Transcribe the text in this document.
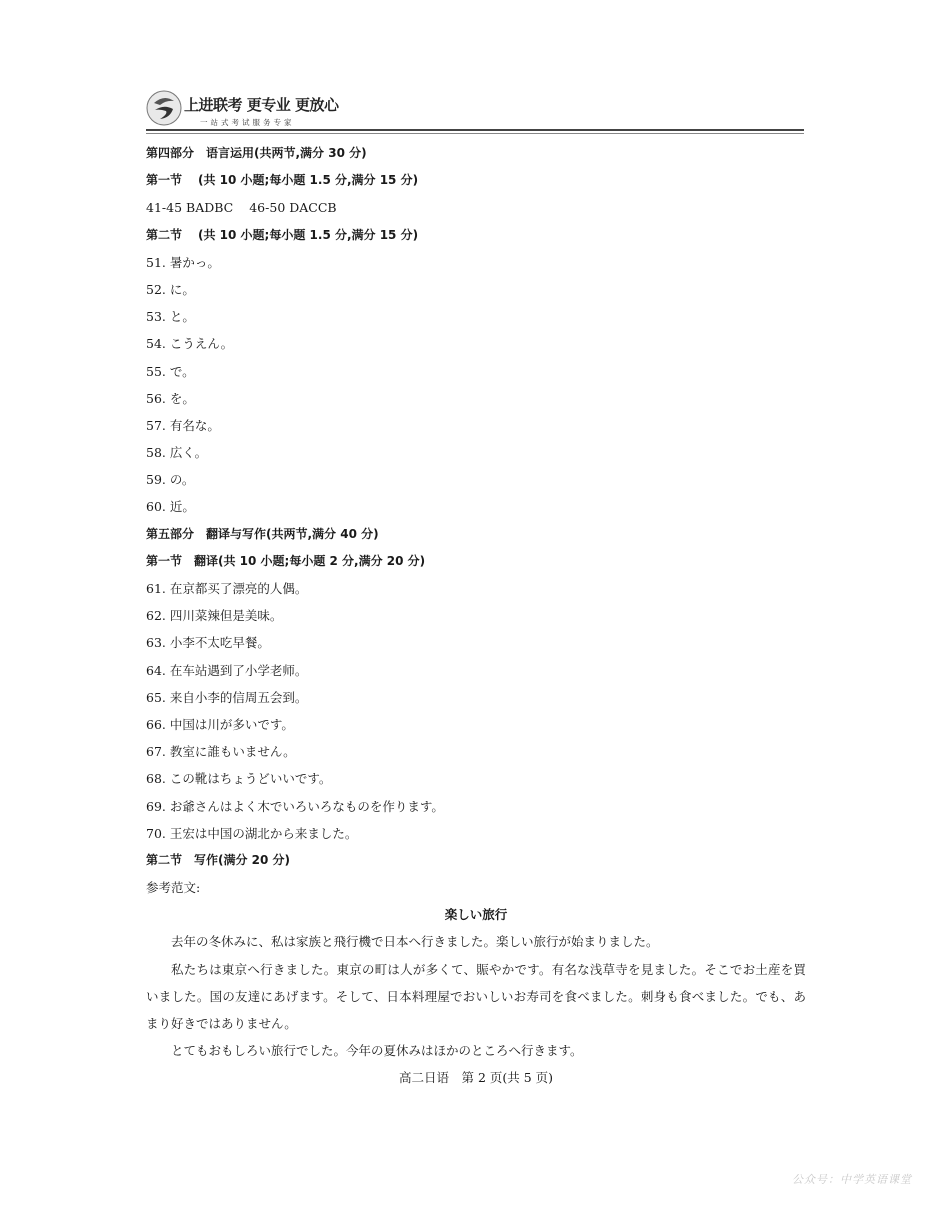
上进联考 更专业 更放心
一站式考试服务专家
第四部分　语言运用(共两节,满分 30 分)
第一节 (共 10 小题;每小题 1.5 分,满分 15 分)
41-45 BADBC 46-50 DACCB
第二节 (共 10 小题;每小题 1.5 分,满分 15 分)
51. 暑かっ。
52. に。
53. と。
54. こうえん。
55. で。
56. を。
57. 有名な。
58. 広く。
59. の。
60. 近。
第五部分　翻译与写作(共两节,满分 40 分)
第一节　翻译(共 10 小题;每小题 2 分,满分 20 分)
61. 在京都买了漂亮的人偶。
62. 四川菜辣但是美味。
63. 小李不太吃早餐。
64. 在车站遇到了小学老师。
65. 来自小李的信周五会到。
66. 中国は川が多いです。
67. 教室に誰もいません。
68. この靴はちょうどいいです。
69. お爺さんはよく木でいろいろなものを作ります。
70. 王宏は中国の湖北から来ました。
第二节　写作(满分 20 分)
参考范文:
楽しい旅行
去年の冬休みに、私は家族と飛行機で日本へ行きました。楽しい旅行が始まりました。
私たちは東京へ行きました。東京の町は人が多くて、賑やかです。有名な浅草寺を見ました。そこでお土産を買いました。国の友達にあげます。そして、日本料理屋でおいしいお寿司を食べました。刺身も食べました。でも、あまり好きではありません。
とてもおもしろい旅行でした。今年の夏休みはほかのところへ行きます。
高二日语　第 2 页(共 5 页)
公众号：中学英语课堂
